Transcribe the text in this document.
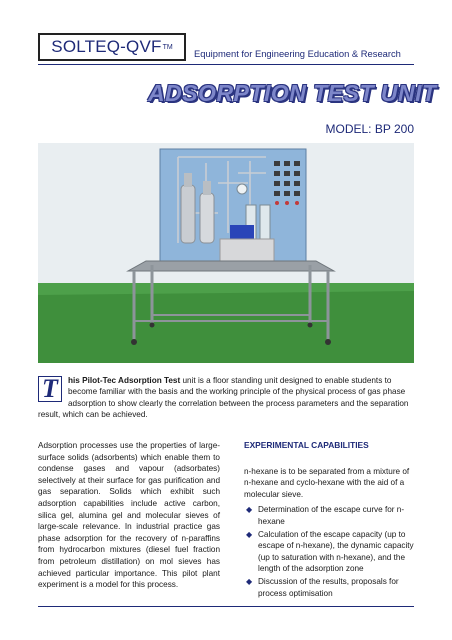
SOLTEQ-QVF TM
Equipment for Engineering Education & Research
ADSORPTION TEST UNIT
MODEL: BP 200
T	his Pilot-Tec Adsorption Test unit is a floor standing unit designed to enable students to become familiar with the basis and the working principle of the physical process of gas phase adsorption to show clearly the correlation between the process parameters and the separation result, which can be achieved.
Adsorption processes use the properties of large-surface solids (adsorbents) which enable them to condense gases and vapour (adsorbates) selectively at their surface for gas purification and gas separation. Solids which exhibit such adsorption capabilities include active carbon, silica gel, alumina gel and molecular sieves of large-scale relevance. In industrial practice gas phase adsorption for the recovery of n-paraffins from hydrocarbon mixtures (diesel fuel fraction from petroleum distillation) on mol sieves has achieved particular importance. This pilot plant experiment is a model for this process.
EXPERIMENTAL CAPABILITIES
n-hexane is to be separated from a mixture of n-hexane and cyclo-hexane with the aid of a molecular sieve.
◆ Determination of the escape curve for n-hexane
◆ Calculation of the escape capacity (up to escape of n-hexane), the dynamic capacity (up to saturation with n-hexane), and the length of the adsorption zone
◆ Discussion of the results, proposals for process optimisation
